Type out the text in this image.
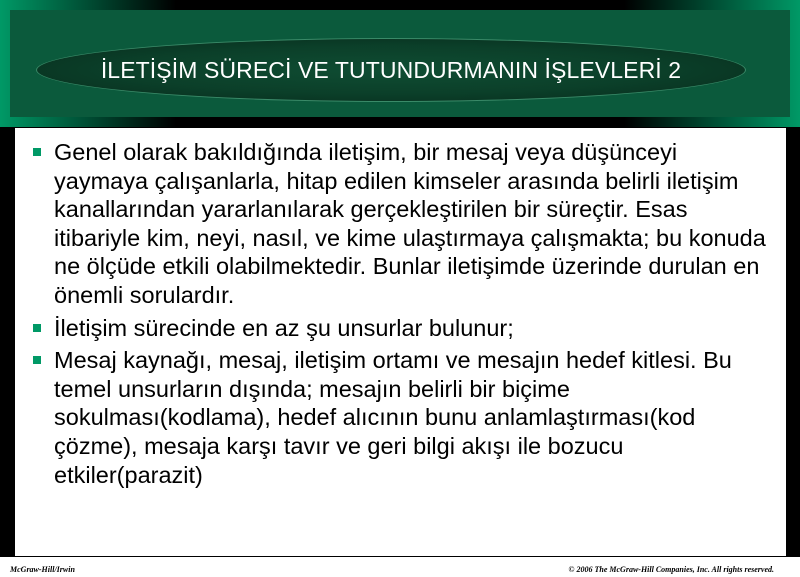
İLETİŞİM SÜRECİ VE TUTUNDURMANIN İŞLEVLERİ 2
Genel olarak bakıldığında iletişim, bir mesaj veya düşünceyi yaymaya çalışanlarla, hitap edilen kimseler arasında belirli iletişim kanallarından yararlanılarak gerçekleştirilen bir süreçtir. Esas itibariyle kim, neyi, nasıl, ve kime ulaştırmaya çalışmakta; bu konuda ne ölçüde etkili olabilmektedir. Bunlar iletişimde üzerinde durulan en önemli sorulardır.
İletişim sürecinde en az şu unsurlar bulunur;
Mesaj kaynağı, mesaj, iletişim ortamı ve mesajın hedef kitlesi. Bu temel unsurların dışında; mesajın belirli bir biçime sokulması(kodlama), hedef alıcının bunu anlamlaştırması(kod çözme), mesaja karşı tavır ve geri bilgi akışı ile bozucu etkiler(parazit)
McGraw-Hill/Irwin	© 2006 The McGraw-Hill Companies, Inc. All rights reserved.
